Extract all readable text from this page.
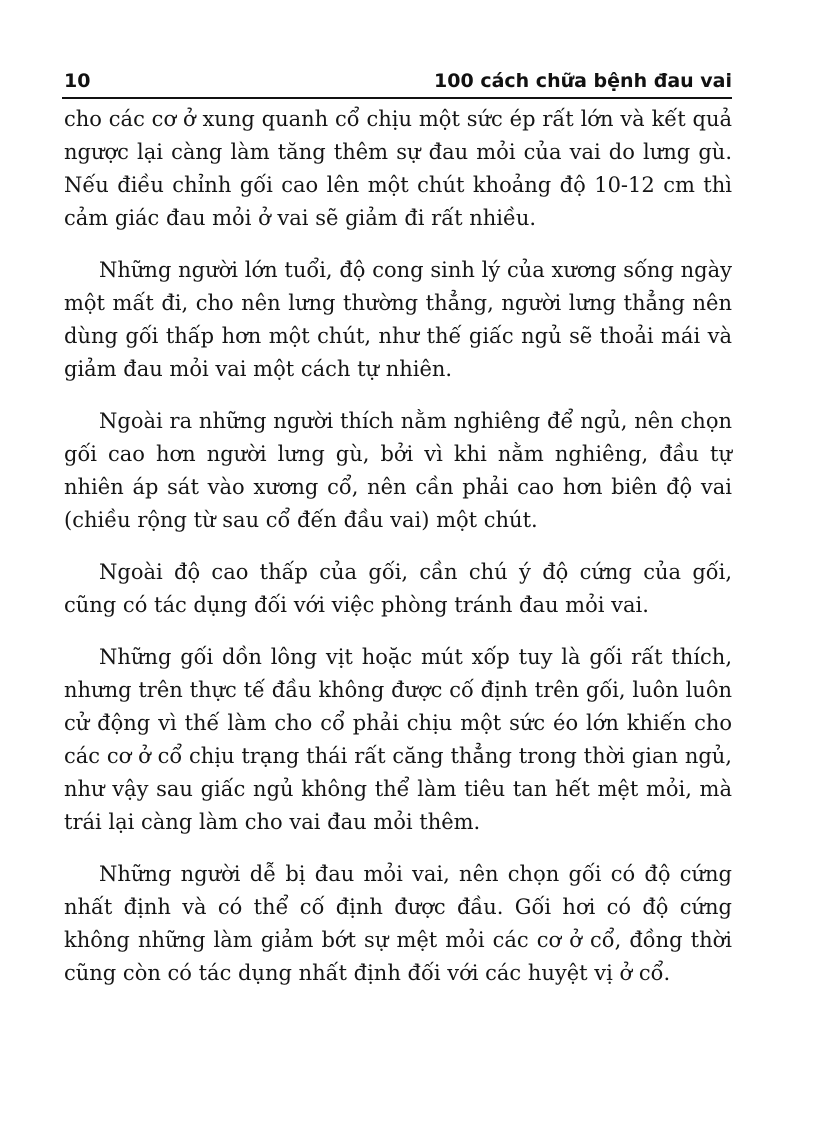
10	100 cách chữa bệnh đau vai

cho các cơ ở xung quanh cổ chịu một sức ép rất lớn và kết quả ngược lại càng làm tăng thêm sự đau mỏi của vai do lưng gù. Nếu điều chỉnh gối cao lên một chút khoảng độ 10-12 cm thì cảm giác đau mỏi ở vai sẽ giảm đi rất nhiều.

Những người lớn tuổi, độ cong sinh lý của xương sống ngày một mất đi, cho nên lưng thường thẳng, người lưng thẳng nên dùng gối thấp hơn một chút, như thế giấc ngủ sẽ thoải mái và giảm đau mỏi vai một cách tự nhiên.

Ngoài ra những người thích nằm nghiêng để ngủ, nên chọn gối cao hơn người lưng gù, bởi vì khi nằm nghiêng, đầu tự nhiên áp sát vào xương cổ, nên cần phải cao hơn biên độ vai (chiều rộng từ sau cổ đến đầu vai) một chút.

Ngoài độ cao thấp của gối, cần chú ý độ cứng của gối, cũng có tác dụng đối với việc phòng tránh đau mỏi vai.

Những gối dồn lông vịt hoặc mút xốp tuy là gối rất thích, nhưng trên thực tế đầu không được cố định trên gối, luôn luôn cử động vì thế làm cho cổ phải chịu một sức éo lớn khiến cho các cơ ở cổ chịu trạng thái rất căng thẳng trong thời gian ngủ, như vậy sau giấc ngủ không thể làm tiêu tan hết mệt mỏi, mà trái lại càng làm cho vai đau mỏi thêm.

Những người dễ bị đau mỏi vai, nên chọn gối có độ cứng nhất định và có thể cố định được đầu. Gối hơi có độ cứng không những làm giảm bớt sự mệt mỏi các cơ ở cổ, đồng thời cũng còn có tác dụng nhất định đối với các huyệt vị ở cổ.
